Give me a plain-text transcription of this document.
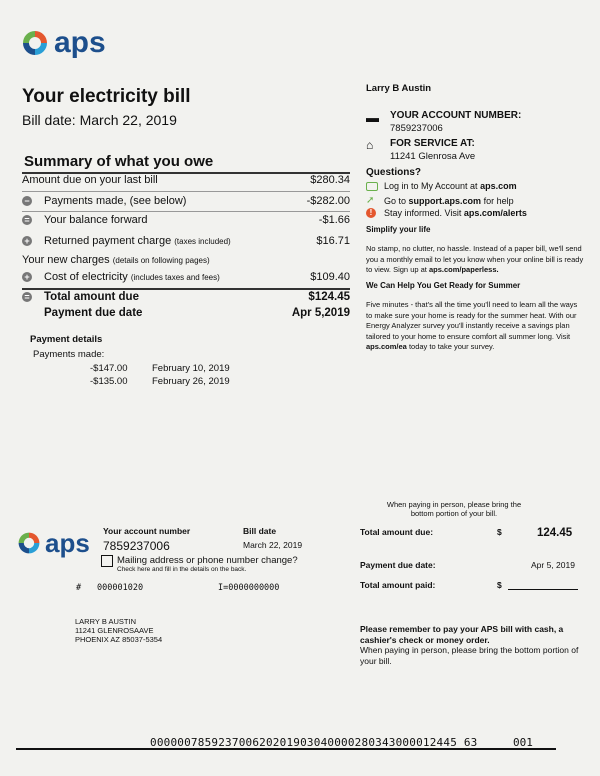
aps
Your electricity bill
Bill date: March 22, 2019
Larry B Austin
▬	YOUR ACCOUNT NUMBER:
7859237006
⌂	FOR SERVICE AT:
11241 Glenrosa Ave
Questions?
Log in to My Account at
aps.com
➚	Go to
support.aps.com
for help
!	Stay informed. Visit
aps.com/alerts
Simplify your life
No stamp, no clutter, no hassle. Instead of a paper bill, we'll send you a monthly email to let you know when your online bill is ready to view. Sign up at aps.com/paperless.
We Can Help You Get Ready for Summer
Five minutes - that's all the time you'll need to learn all the ways to make sure your home is ready for the summer heat. With our Energy Analyzer survey you'll instantly receive a savings plan tailored to your home to ensure comfort all summer long. Visit aps.com/ea today to take your survey.
Summary of what you owe
Amount due on your last bill	$280.34
− Payments made, (see below)	-$282.00
= Your balance forward	-$1.66
+ Returned payment charge
(taxes included)	$16.71
Your new charges
(details on following pages)
+ Cost of electricity
(includes taxes and fees)	$109.40
= Total amount due	$124.45
Payment due date	Apr 5,2019
Payment details
Payments made:
-$147.00	February 10, 2019
-$135.00	February 26, 2019
When paying in person, please bring the bottom portion of your bill.
aps Your account number
7859237006
Bill date
March 22, 2019
Mailing address or phone number change?
Check here and fill in the details on the back.
# 000001020	I=0000000000
Total amount due:	$	124.45
Payment due date:	Apr 5, 2019
Total amount paid:	$
LARRY B AUSTIN
11241 GLENROSAAVE
PHOENIX AZ 85037-5354
Please remember to pay your APS bill with cash, a cashier's check or money order.
When paying in person, please bring the bottom portion of your bill.
000000785923700620201903040000280343000012445 63	001
